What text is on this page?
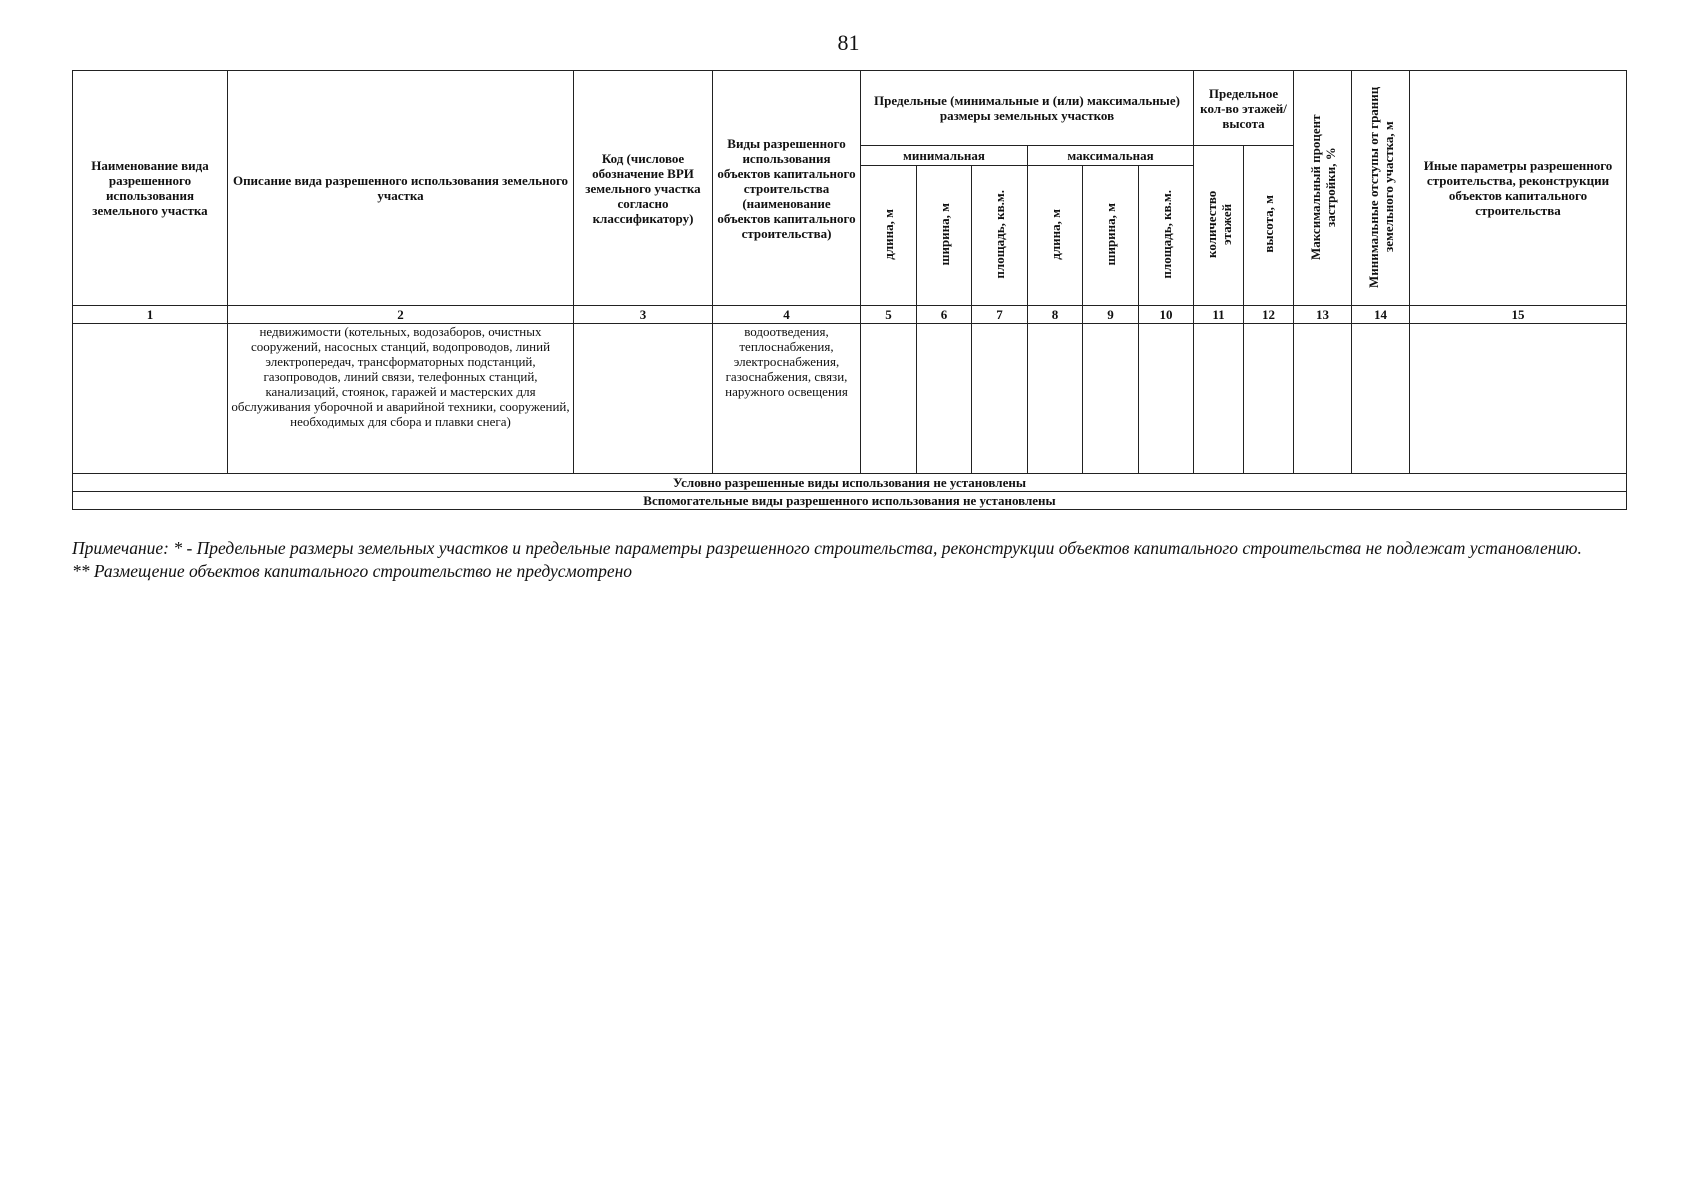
81
Наименование вида разрешенного использования земельного участка	Описание вида разрешенного использования земельного участка	Код (числовое обозначение ВРИ земельного участка согласно классификатору)	Виды разрешенного использования объектов капитального строительства (наименование объектов капитального строительства)	Предельные (минимальные и (или) максимальные) размеры земельных участков						Предельное кол-во этажей/ высота		Максимальный процент застройки, %	Минимальные отступы от границ земельного участка, м	Иные параметры разрешенного строительства, реконструкции объектов капитального строительства
				минимальная			максимальная			количество этажей	высота, м			
				длина, м	ширина, м	площадь, кв.м.	длина, м	ширина, м	площадь, кв.м.					
1	2	3	4	5	6	7	8	9	10	11	12	13	14	15
	недвижимости (котельных, водозаборов, очистных сооружений, насосных станций, водопроводов, линий электропередач, трансформаторных подстанций, газопроводов, линий связи, телефонных станций, канализаций, стоянок, гаражей и мастерских для обслуживания уборочной и аварийной техники, сооружений, необходимых для сбора и плавки снега)		водоотведения, теплоснабжения, электроснабжения, газоснабжения, связи, наружного освещения											
Условно разрешенные виды использования не установлены														
Вспомогательные виды разрешенного использования не установлены														

Примечание: * - Предельные размеры земельных участков и предельные параметры разрешенного строительства, реконструкции объектов капитального строительства не подлежат установлению.

** Размещение объектов капитального строительство не предусмотрено
